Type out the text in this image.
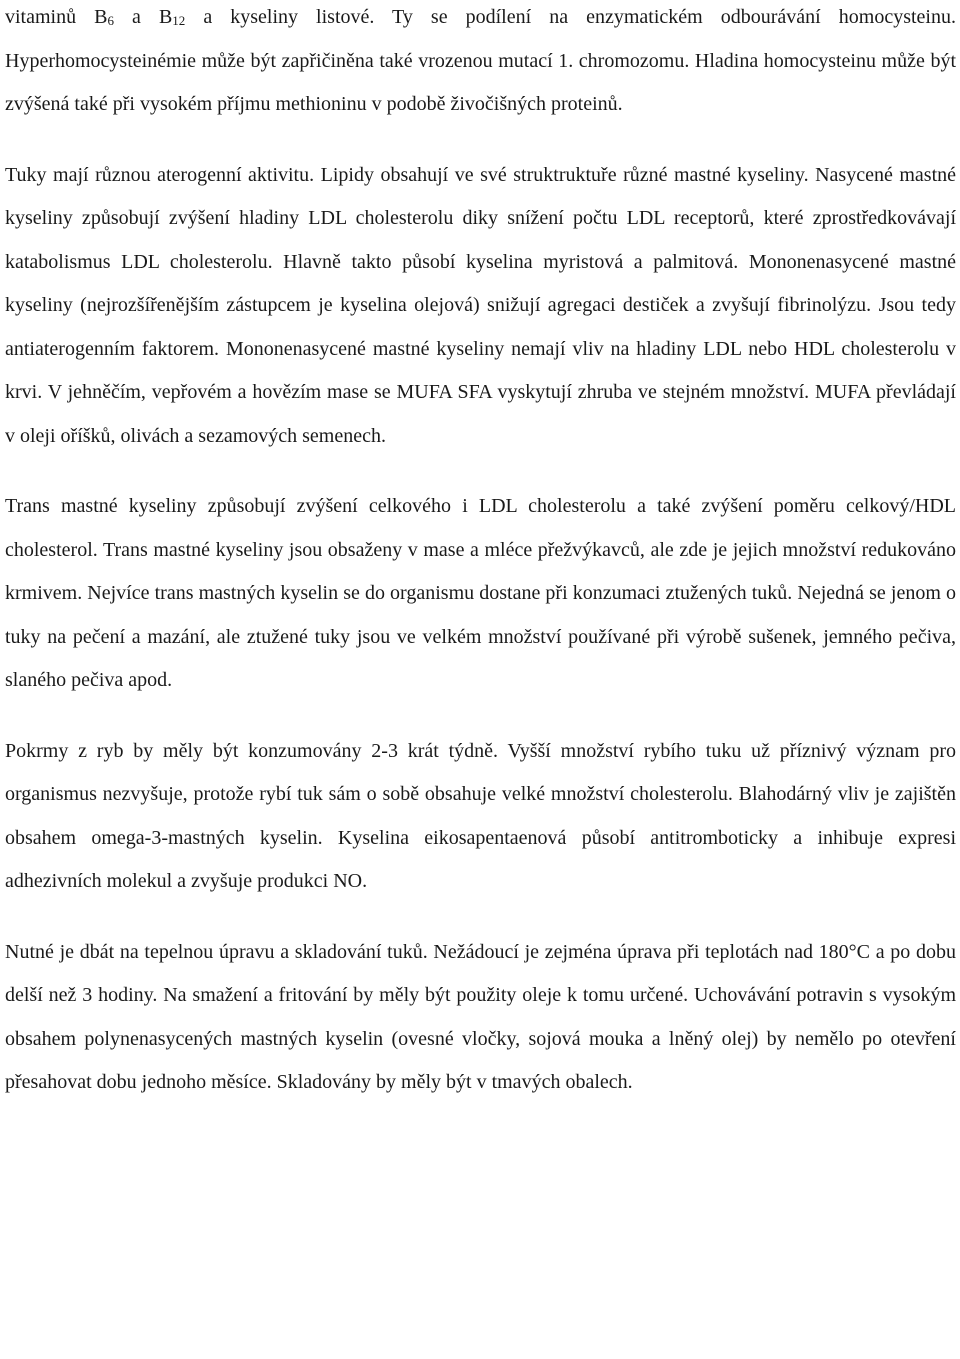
vitaminů $B_6$ a $B_{12}$ a kyseliny listové. Ty se podílení na enzymatickém odbourávání homocysteinu. Hyperhomocysteinémie může být zapřičiněna také vrozenou mutací 1. chromozomu. Hladina homocysteinu může být zvýšená také při vysokém příjmu methioninu v podobě živočišných proteinů.

Tuky mají různou aterogenní aktivitu. Lipidy obsahují ve své struktruktuře různé mastné kyseliny. Nasycené mastné kyseliny způsobují zvýšení hladiny LDL cholesterolu diky snížení počtu LDL receptorů, které zprostředkovávají katabolismus LDL cholesterolu. Hlavně takto působí kyselina myristová a palmitová. Mononenasycené mastné kyseliny (nejrozšířenějším zástupcem je kyselina olejová) snižují agregaci destiček a zvyšují fibrinolýzu. Jsou tedy antiaterogenním faktorem. Mononenasycené mastné kyseliny nemají vliv na hladiny LDL nebo HDL cholesterolu v krvi. V jehněčím, vepřovém a hovězím mase se MUFA SFA vyskytují zhruba ve stejném množství. MUFA převládají v oleji oříšků, olivách a sezamových semenech.

Trans mastné kyseliny způsobují zvýšení celkového i LDL cholesterolu a také zvýšení poměru celkový/HDL cholesterol. Trans mastné kyseliny jsou obsaženy v mase a mléce přežvýkavců, ale zde je jejich množství redukováno krmivem. Nejvíce trans mastných kyselin se do organismu dostane při konzumaci ztužených tuků. Nejedná se jenom o tuky na pečení a mazání, ale ztužené tuky jsou ve velkém množství používané při výrobě sušenek, jemného pečiva, slaného pečiva apod.

Pokrmy z ryb by měly být konzumovány 2-3 krát týdně. Vyšší množství rybího tuku už příznivý význam pro organismus nezvyšuje, protože rybí tuk sám o sobě obsahuje velké množství cholesterolu. Blahodárný vliv je zajištěn obsahem omega-3-mastných kyselin. Kyselina eikosapentaenová působí antitromboticky a inhibuje expresi adhezivních molekul a zvyšuje produkci NO.

Nutné je dbát na tepelnou úpravu a skladování tuků. Nežádoucí je zejména úprava při teplotách nad 180°C a po dobu delší než 3 hodiny. Na smažení a fritování by měly být použity oleje k tomu určené. Uchovávání potravin s vysokým obsahem polynenasycených mastných kyselin (ovesné vločky, sojová mouka a lněný olej) by nemělo po otevření přesahovat dobu jednoho měsíce. Skladovány by měly být v tmavých obalech.
